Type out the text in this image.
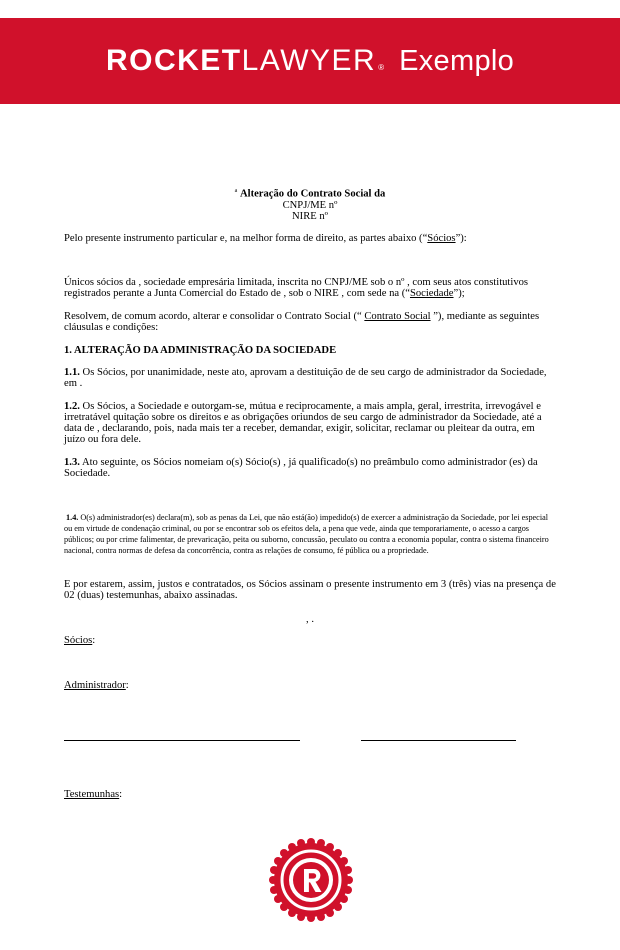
ROCKET LAWYER ® Exemplo
$^a$ Alteração do Contrato Social da
CNPJ/ME nº
NIRE nº
Pelo presente instrumento particular e, na melhor forma de direito, as partes abaixo (“Sócios”):
Únicos sócios da , sociedade empresária limitada, inscrita no CNPJ/ME sob o nº , com seus atos constitutivos registrados perante a Junta Comercial do Estado de , sob o NIRE , com sede na (“Sociedade”);
Resolvem, de comum acordo, alterar e consolidar o Contrato Social (“ Contrato Social ”), mediante as seguintes cláusulas e condições:
1. ALTERAÇÃO DA ADMINISTRAÇÃO DA SOCIEDADE
1.1. Os Sócios, por unanimidade, neste ato, aprovam a destituição de de seu cargo de administrador da Sociedade, em .
1.2. Os Sócios, a Sociedade e outorgam-se, mútua e reciprocamente, a mais ampla, geral, irrestrita, irrevogável e irretratável quitação sobre os direitos e as obrigações oriundos de seu cargo de administrador da Sociedade, até a data de , declarando, pois, nada mais ter a receber, demandar, exigir, solicitar, reclamar ou pleitear da outra, em juízo ou fora dele.
1.3. Ato seguinte, os Sócios nomeiam o(s) Sócio(s) , já qualificado(s) no preâmbulo como administrador (es) da Sociedade.
1.4. O(s) administrador(es) declara(m), sob as penas da Lei, que não está(ão) impedido(s) de exercer a administração da Sociedade, por lei especial ou em virtude de condenação criminal, ou por se encontrar sob os efeitos dela, a pena que vede, ainda que temporariamente, o acesso a cargos públicos; ou por crime falimentar, de prevaricação, peita ou suborno, concussão, peculato ou contra a economia popular, contra o sistema financeiro nacional, contra normas de defesa da concorrência, contra as relações de consumo, fé pública ou a propriedade.
E por estarem, assim, justos e contratados, os Sócios assinam o presente instrumento em 3 (três) vias na presença de 02 (duas) testemunhas, abaixo assinadas.
, .
Sócios:
Administrador:
Testemunhas:
